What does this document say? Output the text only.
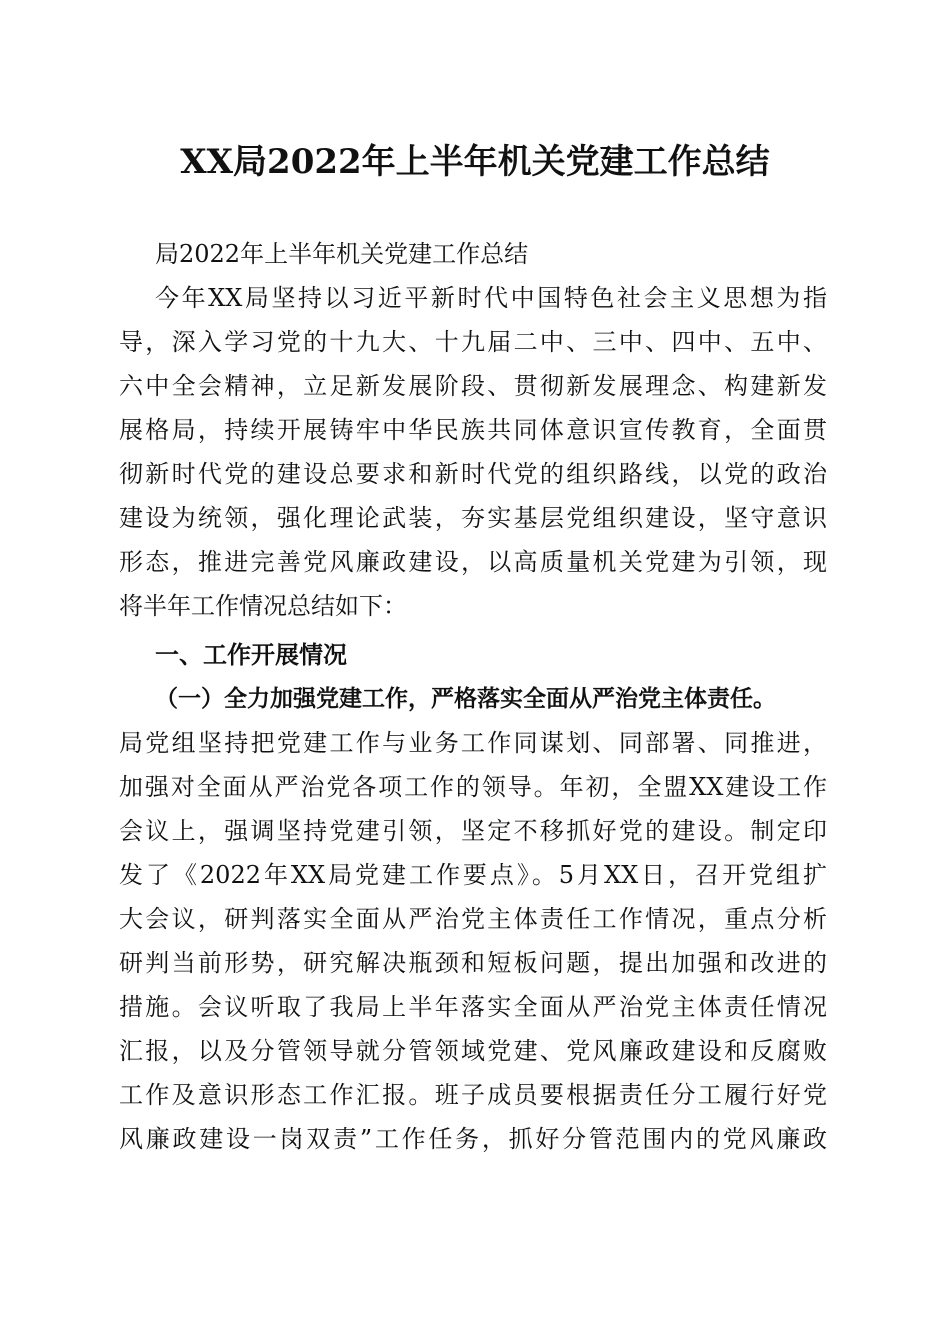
XX局2022年上半年机关党建工作总结
局2022年上半年机关党建工作总结
今年XX局坚持以习近平新时代中国特色社会主义思想为指
导，深入学习党的十九大、十九届二中、三中、四中、五中、
六中全会精神，立足新发展阶段、贯彻新发展理念、构建新发
展格局，持续开展铸牢中华民族共同体意识宣传教育，全面贯
彻新时代党的建设总要求和新时代党的组织路线，以党的政治
建设为统领，强化理论武装，夯实基层党组织建设，坚守意识
形态，推进完善党风廉政建设，以高质量机关党建为引领，现
将半年工作情况总结如下：
一、工作开展情况
（一）全力加强党建工作，严格落实全面从严治党主体责任。
局党组坚持把党建工作与业务工作同谋划、同部署、同推进，
加强对全面从严治党各项工作的领导。年初，全盟XX建设工作
会议上，强调坚持党建引领，坚定不移抓好党的建设。制定印
发了《2022年XX局党建工作要点》。5月XX日，召开党组扩
大会议，研判落实全面从严治党主体责任工作情况，重点分析
研判当前形势，研究解决瓶颈和短板问题，提出加强和改进的
措施。会议听取了我局上半年落实全面从严治党主体责任情况
汇报，以及分管领导就分管领域党建、党风廉政建设和反腐败
工作及意识形态工作汇报。班子成员要根据责任分工履行好党
风廉政建设一岗双责”工作任务，抓好分管范围内的党风廉政
